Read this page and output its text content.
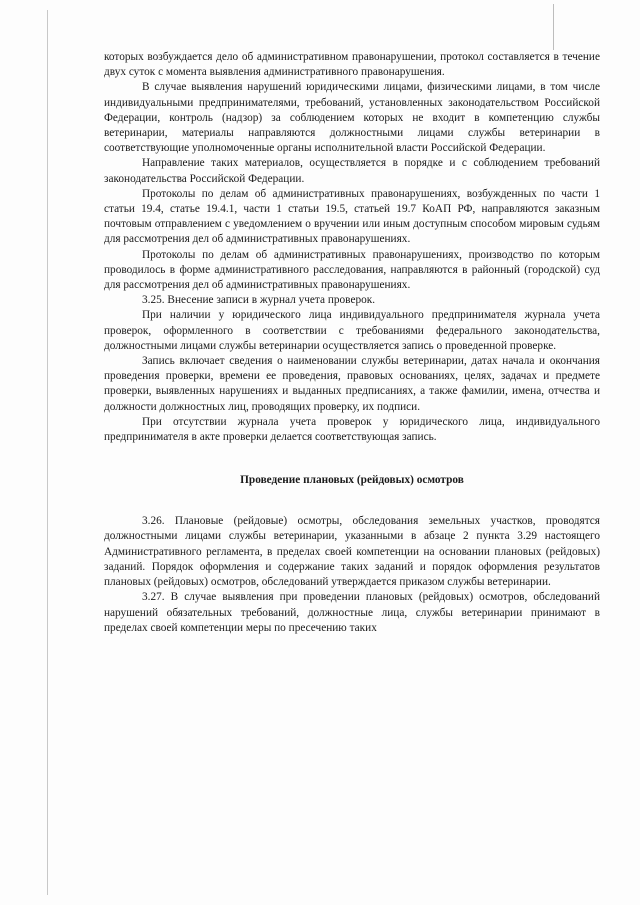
которых возбуждается дело об административном правонарушении, протокол составляется в течение двух суток с момента выявления административного правонарушения.

В случае выявления нарушений юридическими лицами, физическими лицами, в том числе индивидуальными предпринимателями, требований, установленных законодательством Российской Федерации, контроль (надзор) за соблюдением которых не входит в компетенцию службы ветеринарии, материалы направляются должностными лицами службы ветеринарии в соответствующие уполномоченные органы исполнительной власти Российской Федерации.

Направление таких материалов, осуществляется в порядке и с соблюдением требований законодательства Российской Федерации.

Протоколы по делам об административных правонарушениях, возбужденных по части 1 статьи 19.4, статье 19.4.1, части 1 статьи 19.5, статьей 19.7 КоАП РФ, направляются заказным почтовым отправлением с уведомлением о вручении или иным доступным способом мировым судьям для рассмотрения дел об административных правонарушениях.

Протоколы по делам об административных правонарушениях, производство по которым проводилось в форме административного расследования, направляются в районный (городской) суд для рассмотрения дел об административных правонарушениях.

3.25. Внесение записи в журнал учета проверок.

При наличии у юридического лица индивидуального предпринимателя журнала учета проверок, оформленного в соответствии с требованиями федерального законодательства, должностными лицами службы ветеринарии осуществляется запись о проведенной проверке.

Запись включает сведения о наименовании службы ветеринарии, датах начала и окончания проведения проверки, времени ее проведения, правовых основаниях, целях, задачах и предмете проверки, выявленных нарушениях и выданных предписаниях, а также фамилии, имена, отчества и должности должностных лиц, проводящих проверку, их подписи.

При отсутствии журнала учета проверок у юридического лица, индивидуального предпринимателя в акте проверки делается соответствующая запись.

Проведение плановых (рейдовых) осмотров

3.26. Плановые (рейдовые) осмотры, обследования земельных участков, проводятся должностными лицами службы ветеринарии, указанными в абзаце 2 пункта 3.29 настоящего Административного регламента, в пределах своей компетенции на основании плановых (рейдовых) заданий. Порядок оформления и содержание таких заданий и порядок оформления результатов плановых (рейдовых) осмотров, обследований утверждается приказом службы ветеринарии.

3.27. В случае выявления при проведении плановых (рейдовых) осмотров, обследований нарушений обязательных требований, должностные лица, службы ветеринарии принимают в пределах своей компетенции меры по пресечению таких
